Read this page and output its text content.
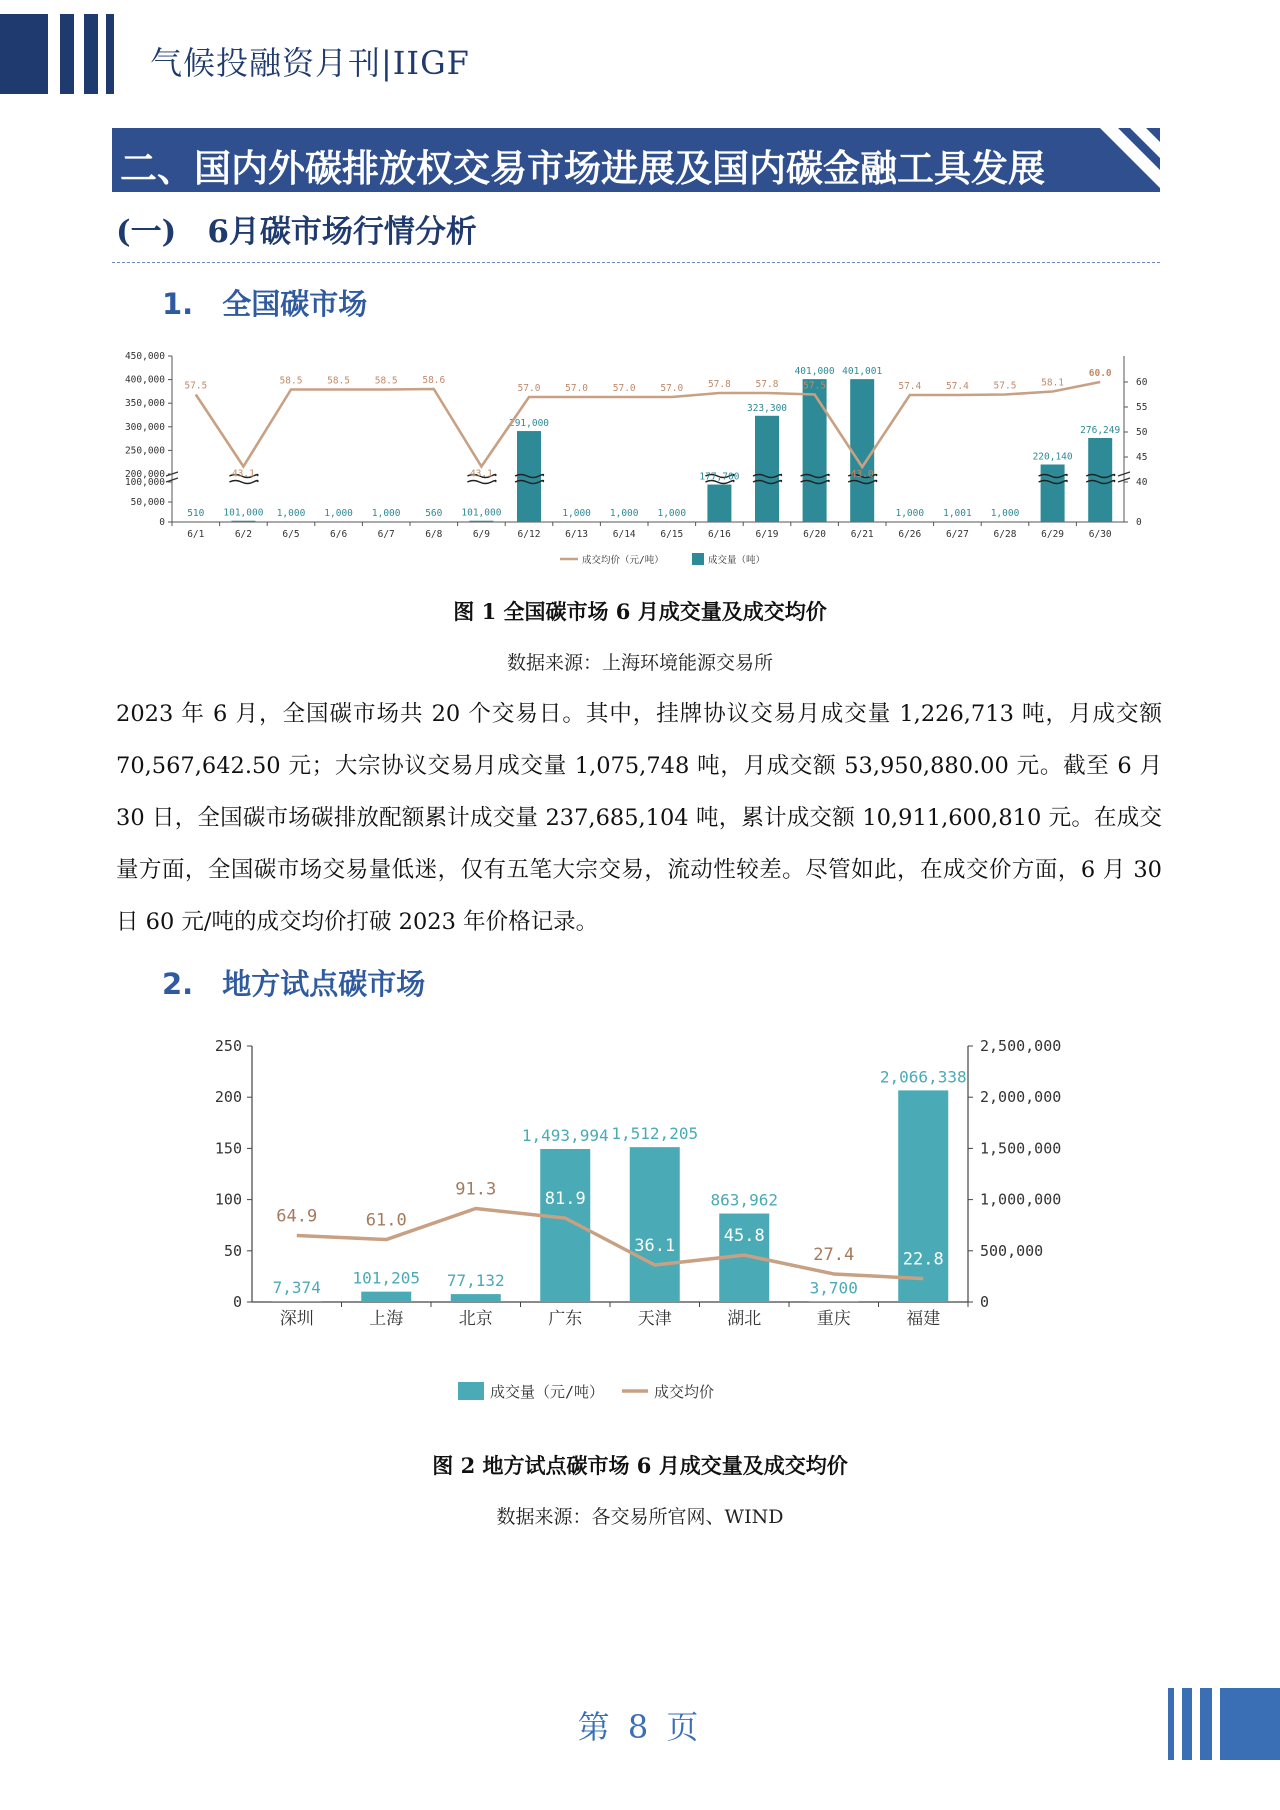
气候投融资月刊|IIGF
二、国内外碳排放权交易市场进展及国内碳金融工具发展
(一)　6月碳市场行情分析
1.　全国碳市场
450,000
400,000
350,000
300,000
250,000
200,000
100,000
50,000
0
60
55
50
45
40
0
510 101,000 1,000 1,000 1,000	560 101,000
291,000
1,000 1,000 1,000
177,700
323,300
401,000 401,001
1,000 1,001 1,000
220,140
276,249
6/1	6/2	6/5	6/6	6/7	6/8	6/9	6/12	6/13	6/14	6/15	6/16	6/19	6/20	6/21	6/26	6/27	6/28	6/29	6/30
57.5
43.1
58.5	58.5	58.5	58.6
43.1
57.0	57.0	57.0	57.0	57.8	57.8	57.5
43.0
57.4	57.4	57.5	58.1
60.0
成交均价（元/吨）	成交量（吨）
图 1 全国碳市场 6 月成交量及成交均价
数据来源：上海环境能源交易所
2023 年 6 月，全国碳市场共 20 个交易日。其中，挂牌协议交易月成交量 1,226,713 吨，月成交额 70,567,642.50 元；大宗协议交易月成交量 1,075,748 吨，月成交额 53,950,880.00 元。截至 6 月 30 日，全国碳市场碳排放配额累计成交量 237,685,104 吨，累计成交额 10,911,600,810 元。在成交量方面，全国碳市场交易量低迷，仅有五笔大宗交易，流动性较差。尽管如此，在成交价方面，6 月 30 日 60 元/吨的成交均价打破 2023 年价格记录。
2.　地方试点碳市场
250
200
150
100
50
0
2,500,000
2,000,000
1,500,000
1,000,000
500,000
0
7,374
101,205 77,132
1,493,994 1,512,205
863,962
3,700
2,066,338
深圳	上海	北京	广东	天津	湖北	重庆	福建
64.9	61.0
91.3	81.9
36.1	45.8
27.4	22.8
成交量（元/吨）	成交均价
图 2 地方试点碳市场 6 月成交量及成交均价
数据来源：各交易所官网、WIND
第 8 页
